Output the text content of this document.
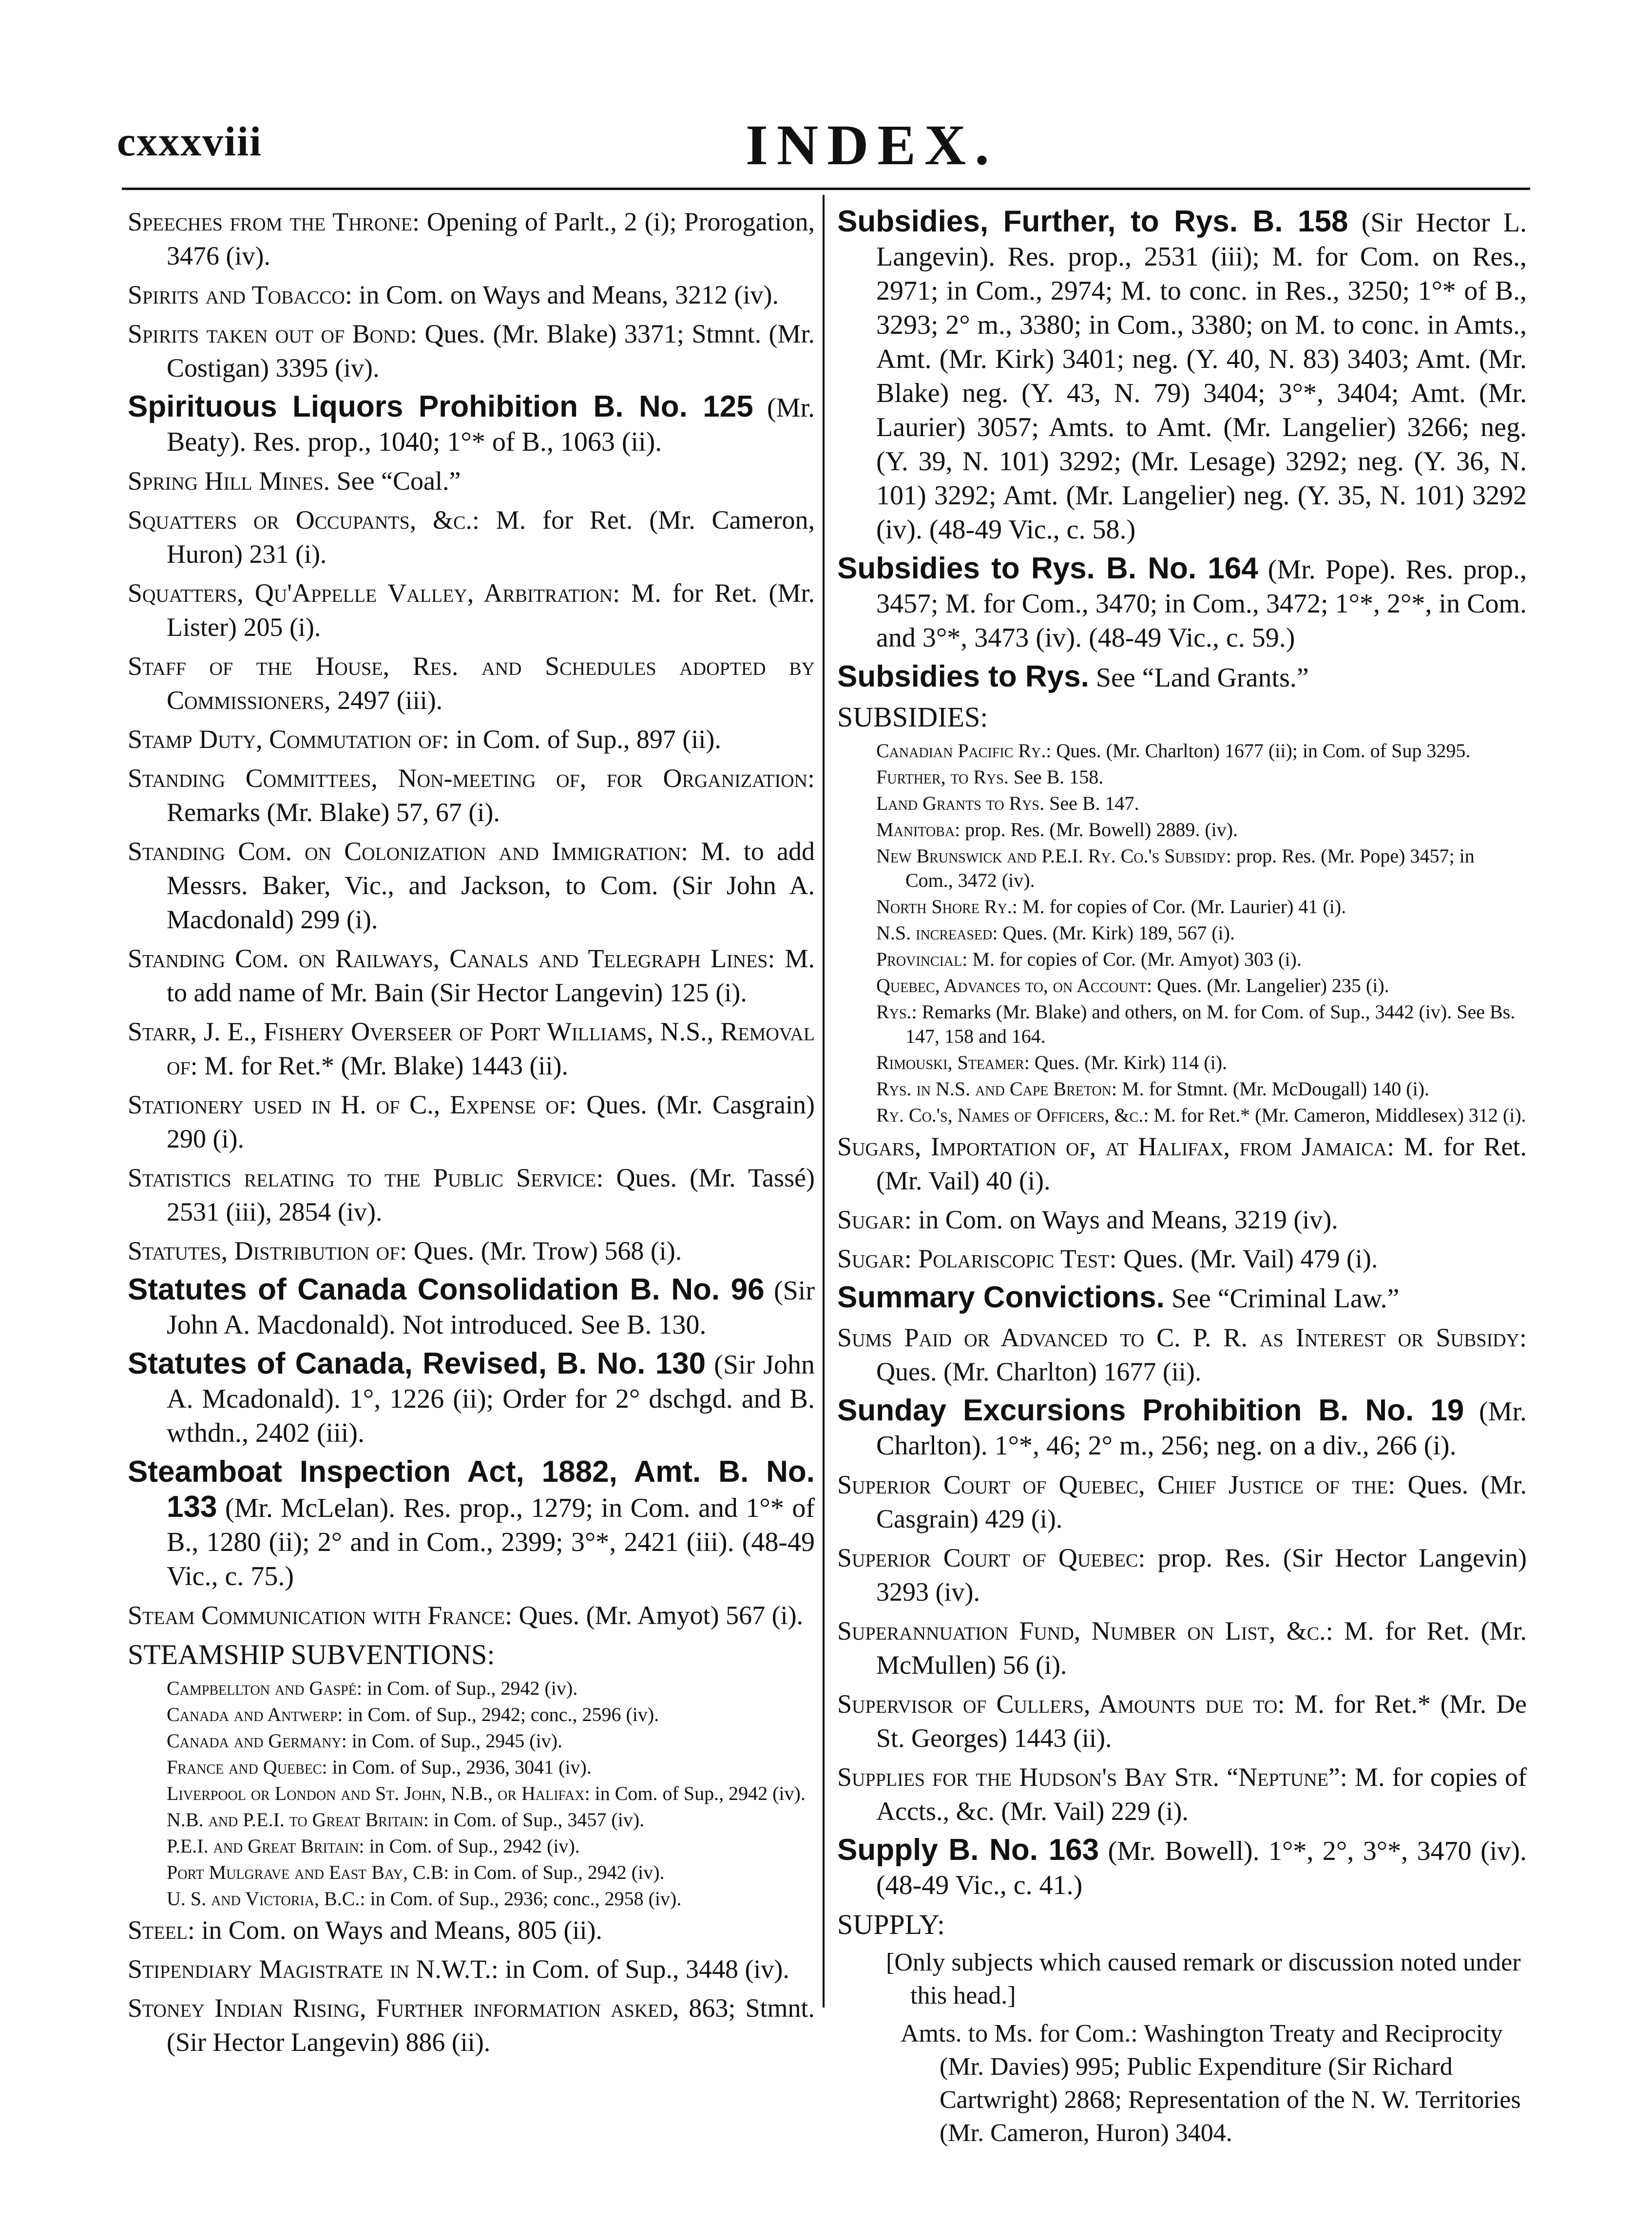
cxxxviii	INDEX.

Speeches from the Throne: Opening of Parlt., 2 (i); Prorogation, 3476 (iv).

Spirits and Tobacco: in Com. on Ways and Means, 3212 (iv).

Spirits taken out of Bond: Ques. (Mr. Blake) 3371; Stmnt. (Mr. Costigan) 3395 (iv).

Spirituous Liquors Prohibition B. No. 125 (Mr. Beaty). Res. prop., 1040; 1°* of B., 1063 (ii).

Spring Hill Mines. See “Coal.”

Squatters or Occupants, &c.: M. for Ret. (Mr. Cameron, Huron) 231 (i).

Squatters, Qu'Appelle Valley, Arbitration: M. for Ret. (Mr. Lister) 205 (i).

Staff of the House, Res. and Schedules adopted by Commissioners, 2497 (iii).

Stamp Duty, Commutation of: in Com. of Sup., 897 (ii).

Standing Committees, Non-meeting of, for Organization: Remarks (Mr. Blake) 57, 67 (i).

Standing Com. on Colonization and Immigration: M. to add Messrs. Baker, Vic., and Jackson, to Com. (Sir John A. Macdonald) 299 (i).

Standing Com. on Railways, Canals and Telegraph Lines: M. to add name of Mr. Bain (Sir Hector Langevin) 125 (i).

Starr, J. E., Fishery Overseer of Port Williams, N.S., Removal of: M. for Ret.* (Mr. Blake) 1443 (ii).

Stationery used in H. of C., Expense of: Ques. (Mr. Casgrain) 290 (i).

Statistics relating to the Public Service: Ques. (Mr. Tassé) 2531 (iii), 2854 (iv).

Statutes, Distribution of: Ques. (Mr. Trow) 568 (i).

Statutes of Canada Consolidation B. No. 96 (Sir John A. Macdonald). Not introduced. See B. 130.

Statutes of Canada, Revised, B. No. 130 (Sir John A. Mcadonald). 1°, 1226 (ii); Order for 2° dschgd. and B. wthdn., 2402 (iii).

Steamboat Inspection Act, 1882, Amt. B. No. 133 (Mr. McLelan). Res. prop., 1279; in Com. and 1°* of B., 1280 (ii); 2° and in Com., 2399; 3°*, 2421 (iii). (48-49 Vic., c. 75.)

Steam Communication with France: Ques. (Mr. Amyot) 567 (i).

STEAMSHIP SUBVENTIONS:

Campbellton and Gaspé: in Com. of Sup., 2942 (iv).

Canada and Antwerp: in Com. of Sup., 2942; conc., 2596 (iv).

Canada and Germany: in Com. of Sup., 2945 (iv).

France and Quebec: in Com. of Sup., 2936, 3041 (iv).

Liverpool or London and St. John, N.B., or Halifax: in Com. of Sup., 2942 (iv).

N.B. and P.E.I. to Great Britain: in Com. of Sup., 3457 (iv).

P.E.I. and Great Britain: in Com. of Sup., 2942 (iv).

Port Mulgrave and East Bay, C.B: in Com. of Sup., 2942 (iv).

U. S. and Victoria, B.C.: in Com. of Sup., 2936; conc., 2958 (iv).

Steel: in Com. on Ways and Means, 805 (ii).

Stipendiary Magistrate in N.W.T.: in Com. of Sup., 3448 (iv).

Stoney Indian Rising, Further information asked, 863; Stmnt. (Sir Hector Langevin) 886 (ii).

Subsidies, Further, to Rys. B. 158 (Sir Hector L. Langevin). Res. prop., 2531 (iii); M. for Com. on Res., 2971; in Com., 2974; M. to conc. in Res., 3250; 1°* of B., 3293; 2° m., 3380; in Com., 3380; on M. to conc. in Amts., Amt. (Mr. Kirk) 3401; neg. (Y. 40, N. 83) 3403; Amt. (Mr. Blake) neg. (Y. 43, N. 79) 3404; 3°*, 3404; Amt. (Mr. Laurier) 3057; Amts. to Amt. (Mr. Langelier) 3266; neg. (Y. 39, N. 101) 3292; (Mr. Lesage) 3292; neg. (Y. 36, N. 101) 3292; Amt. (Mr. Langelier) neg. (Y. 35, N. 101) 3292 (iv). (48-49 Vic., c. 58.)

Subsidies to Rys. B. No. 164 (Mr. Pope). Res. prop., 3457; M. for Com., 3470; in Com., 3472; 1°*, 2°*, in Com. and 3°*, 3473 (iv). (48-49 Vic., c. 59.)

Subsidies to Rys. See “Land Grants.”

SUBSIDIES:

Canadian Pacific Ry.: Ques. (Mr. Charlton) 1677 (ii); in Com. of Sup 3295.

Further, to Rys. See B. 158.

Land Grants to Rys. See B. 147.

Manitoba: prop. Res. (Mr. Bowell) 2889. (iv).

New Brunswick and P.E.I. Ry. Co.'s Subsidy: prop. Res. (Mr. Pope) 3457; in Com., 3472 (iv).

North Shore Ry.: M. for copies of Cor. (Mr. Laurier) 41 (i).

N.S. increased: Ques. (Mr. Kirk) 189, 567 (i).

Provincial: M. for copies of Cor. (Mr. Amyot) 303 (i).

Quebec, Advances to, on Account: Ques. (Mr. Langelier) 235 (i).

Rys.: Remarks (Mr. Blake) and others, on M. for Com. of Sup., 3442 (iv). See Bs. 147, 158 and 164.

Rimouski, Steamer: Ques. (Mr. Kirk) 114 (i).

Rys. in N.S. and Cape Breton: M. for Stmnt. (Mr. McDougall) 140 (i).

Ry. Co.'s, Names of Officers, &c.: M. for Ret.* (Mr. Cameron, Middlesex) 312 (i).

Sugars, Importation of, at Halifax, from Jamaica: M. for Ret. (Mr. Vail) 40 (i).

Sugar: in Com. on Ways and Means, 3219 (iv).

Sugar: Polariscopic Test: Ques. (Mr. Vail) 479 (i).

Summary Convictions. See “Criminal Law.”

Sums Paid or Advanced to C. P. R. as Interest or Subsidy: Ques. (Mr. Charlton) 1677 (ii).

Sunday Excursions Prohibition B. No. 19 (Mr. Charlton). 1°*, 46; 2° m., 256; neg. on a div., 266 (i).

Superior Court of Quebec, Chief Justice of the: Ques. (Mr. Casgrain) 429 (i).

Superior Court of Quebec: prop. Res. (Sir Hector Langevin) 3293 (iv).

Superannuation Fund, Number on List, &c.: M. for Ret. (Mr. McMullen) 56 (i).

Supervisor of Cullers, Amounts due to: M. for Ret.* (Mr. De St. Georges) 1443 (ii).

Supplies for the Hudson's Bay Str. “Neptune”: M. for copies of Accts., &c. (Mr. Vail) 229 (i).

Supply B. No. 163 (Mr. Bowell). 1°*, 2°, 3°*, 3470 (iv). (48-49 Vic., c. 41.)

SUPPLY:

[Only subjects which caused remark or discussion noted under this head.]

Amts. to Ms. for Com.: Washington Treaty and Reciprocity (Mr. Davies) 995; Public Expenditure (Sir Richard Cartwright) 2868; Representation of the N. W. Territories (Mr. Cameron, Huron) 3404.
